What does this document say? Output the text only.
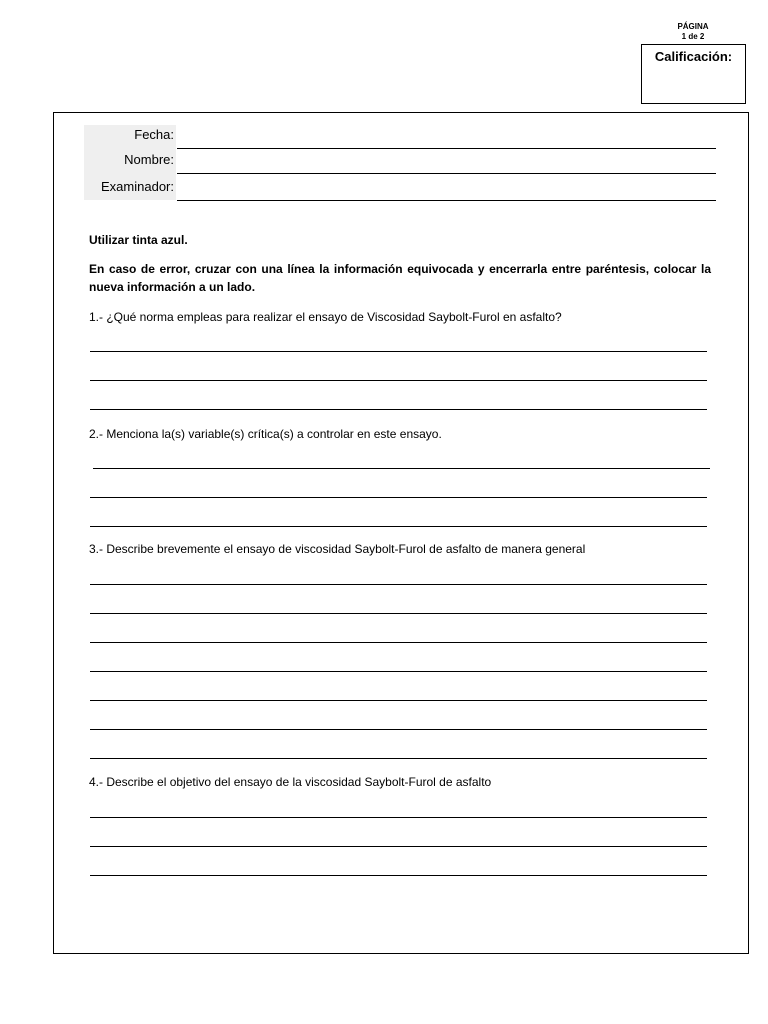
PÁGINA
1 de 2
Calificación:
Fecha:
Nombre:
Examinador:
Utilizar tinta azul.
En caso de error, cruzar con una línea la información equivocada y encerrarla entre paréntesis, colocar la nueva información a un lado.
1.- ¿Qué norma empleas para realizar el ensayo de Viscosidad Saybolt-Furol en asfalto?
2.- Menciona la(s) variable(s) crítica(s) a controlar en este ensayo.
3.- Describe brevemente el ensayo de viscosidad Saybolt-Furol de asfalto de manera general
4.- Describe el objetivo del ensayo de la viscosidad Saybolt-Furol de asfalto
